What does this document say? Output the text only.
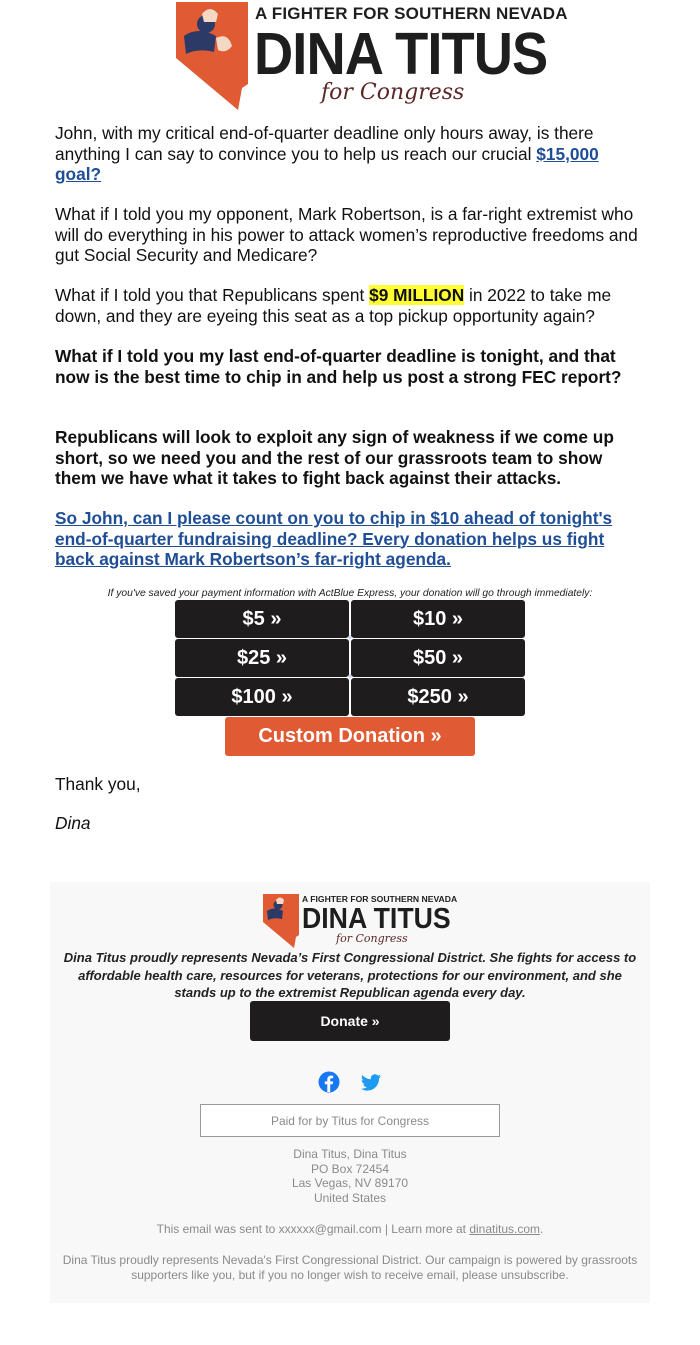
A FIGHTER FOR SOUTHERN NEVADA
DINA TITUS
for Congress

John, with my critical end-of-quarter deadline only hours away, is there anything I can say to convince you to help us reach our crucial $15,000 goal?

What if I told you my opponent, Mark Robertson, is a far-right extremist who will do everything in his power to attack women’s reproductive freedoms and gut Social Security and Medicare?

What if I told you that Republicans spent $9 MILLION in 2022 to take me down, and they are eyeing this seat as a top pickup opportunity again?

What if I told you my last end-of-quarter deadline is tonight, and that now is the best time to chip in and help us post a strong FEC report?

Republicans will look to exploit any sign of weakness if we come up short, so we need you and the rest of our grassroots team to show them we have what it takes to fight back against their attacks.

So John, can I please count on you to chip in $10 ahead of tonight's end-of-quarter fundraising deadline? Every donation helps us fight back against Mark Robertson’s far-right agenda.

If you've saved your payment information with ActBlue Express, your donation will go through immediately:
$5 »	$10 »
$25 »	$50 »
$100 »	$250 »
✦
✦
Custom Donation »

Thank you,

Dina

A FIGHTER FOR SOUTHERN NEVADA
DINA TITUS
for Congress
Dina Titus proudly represents Nevada’s First Congressional District. She fights for access to affordable health care, resources for veterans, protections for our environment, and she stands up to the extremist Republican agenda every day.
Donate »
Paid for by Titus for Congress
Dina Titus, Dina Titus
PO Box 72454
Las Vegas, NV 89170
United States
This email was sent to xxxxxx@gmail.com | Learn more at dinatitus.com.
Dina Titus proudly represents Nevada's First Congressional District. Our campaign is powered by grassroots supporters like you, but if you no longer wish to receive email, please unsubscribe.
